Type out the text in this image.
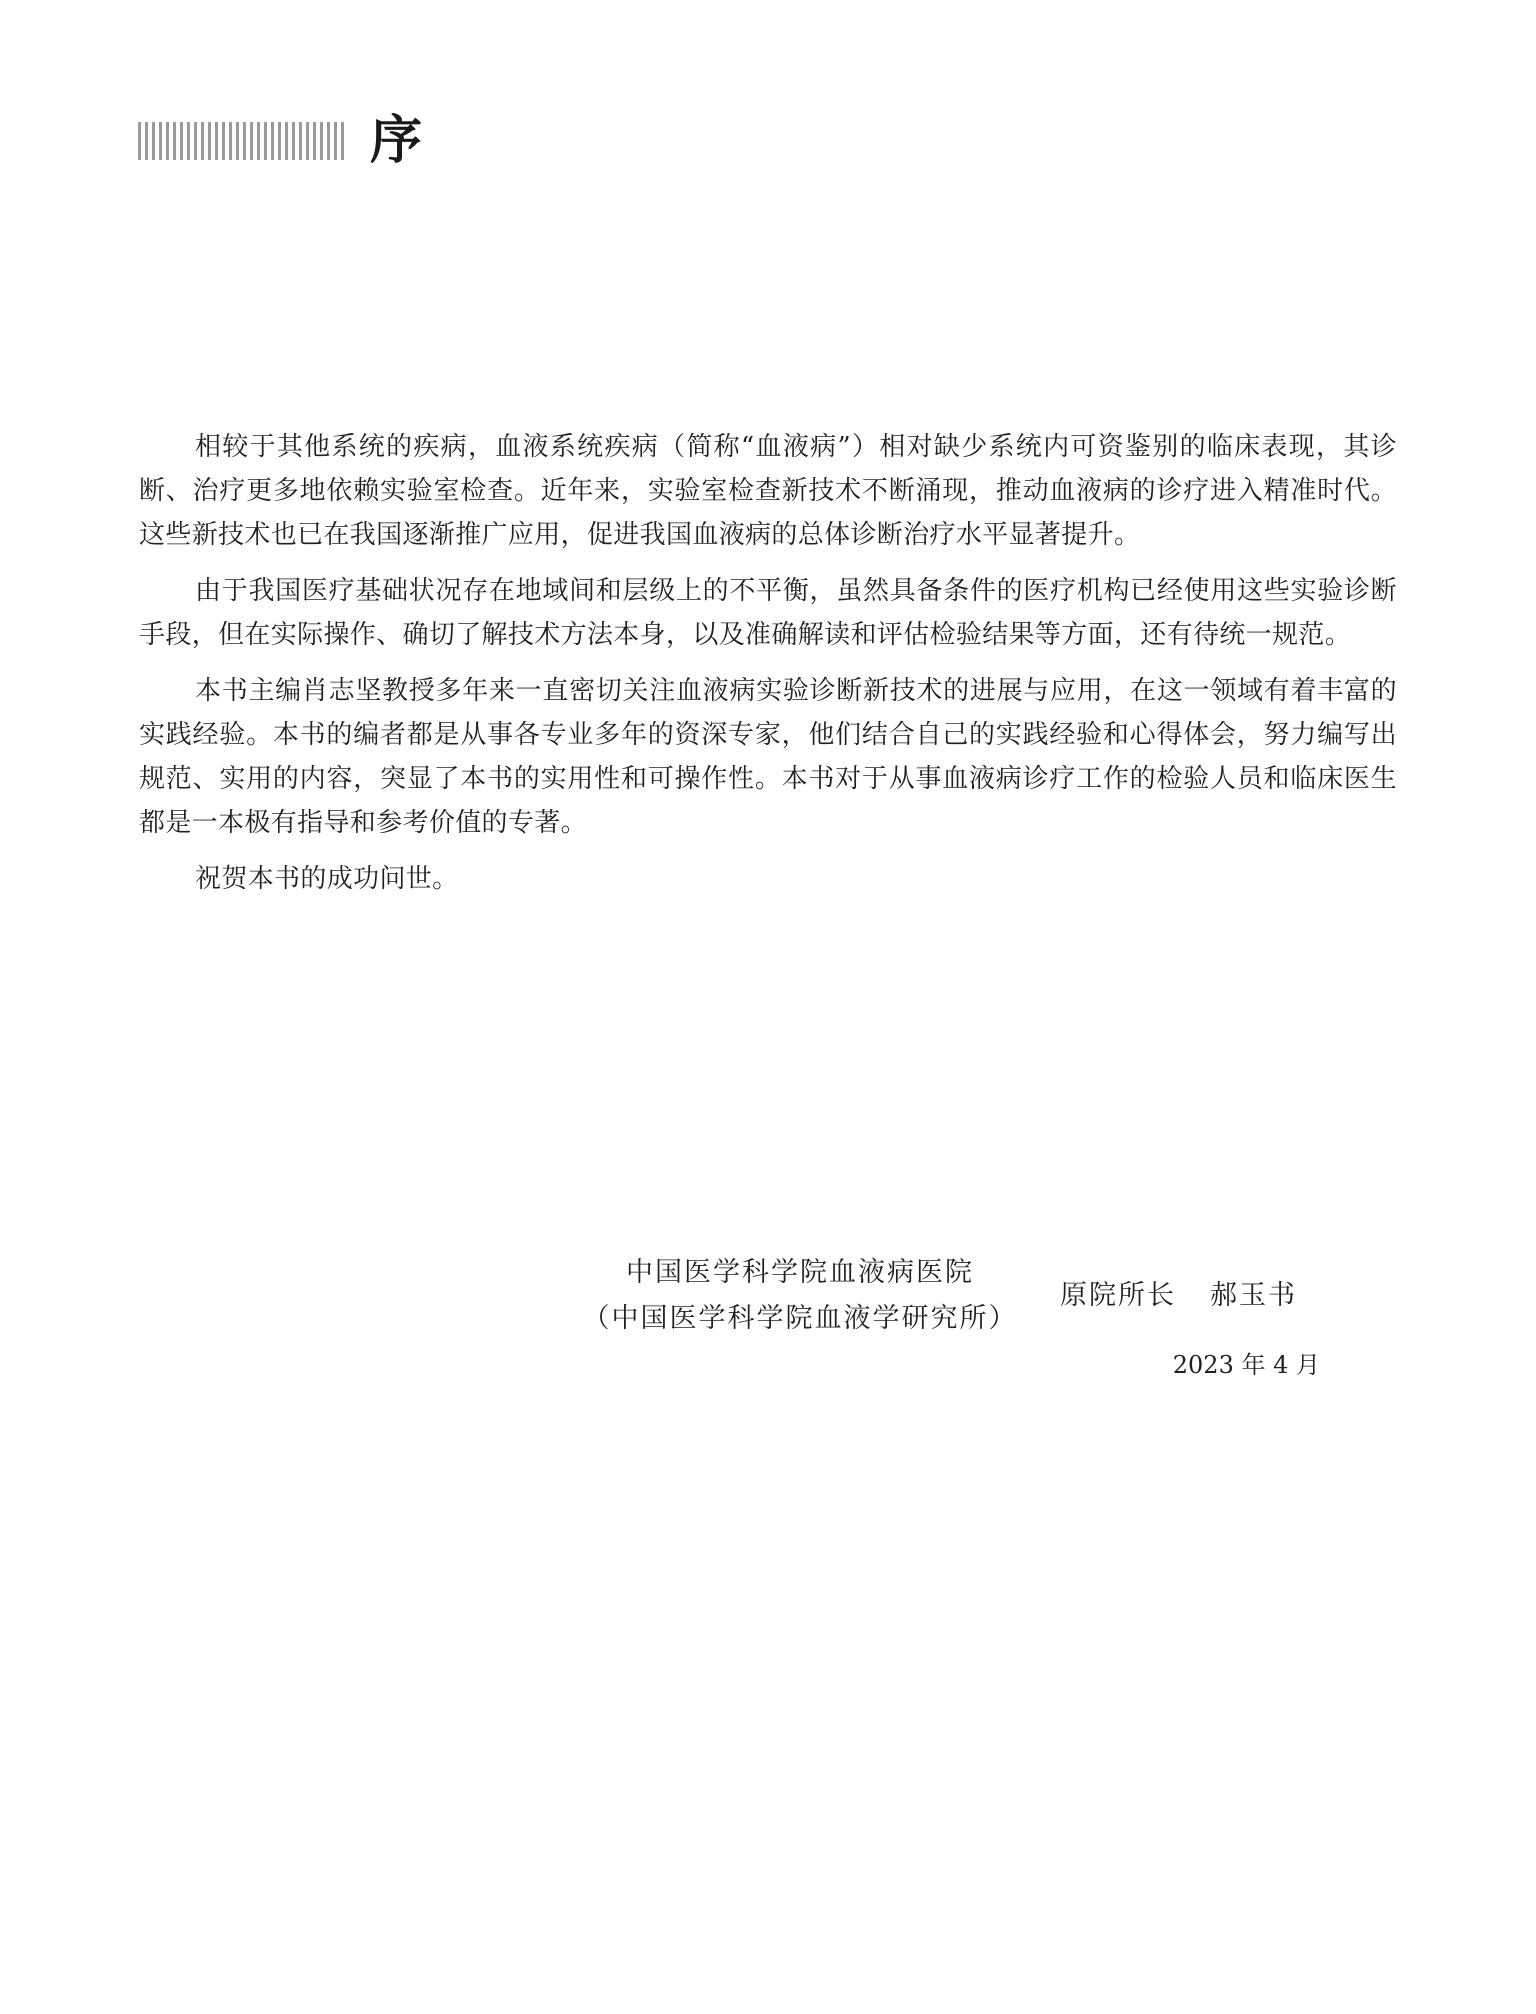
序

相较于其他系统的疾病，血液系统疾病（简称“血液病”）相对缺少系统内可资鉴别的临床表现，其诊断、治疗更多地依赖实验室检查。近年来，实验室检查新技术不断涌现，推动血液病的诊疗进入精准时代。这些新技术也已在我国逐渐推广应用，促进我国血液病的总体诊断治疗水平显著提升。

由于我国医疗基础状况存在地域间和层级上的不平衡，虽然具备条件的医疗机构已经使用这些实验诊断手段，但在实际操作、确切了解技术方法本身，以及准确解读和评估检验结果等方面，还有待统一规范。

本书主编肖志坚教授多年来一直密切关注血液病实验诊断新技术的进展与应用，在这一领域有着丰富的实践经验。本书的编者都是从事各专业多年的资深专家，他们结合自己的实践经验和心得体会，努力编写出规范、实用的内容，突显了本书的实用性和可操作性。本书对于从事血液病诊疗工作的检验人员和临床医生都是一本极有指导和参考价值的专著。

祝贺本书的成功问世。

中国医学科学院血液病医院
（中国医学科学院血液学研究所）
原院所长 郝玉书
2023 年 4 月
